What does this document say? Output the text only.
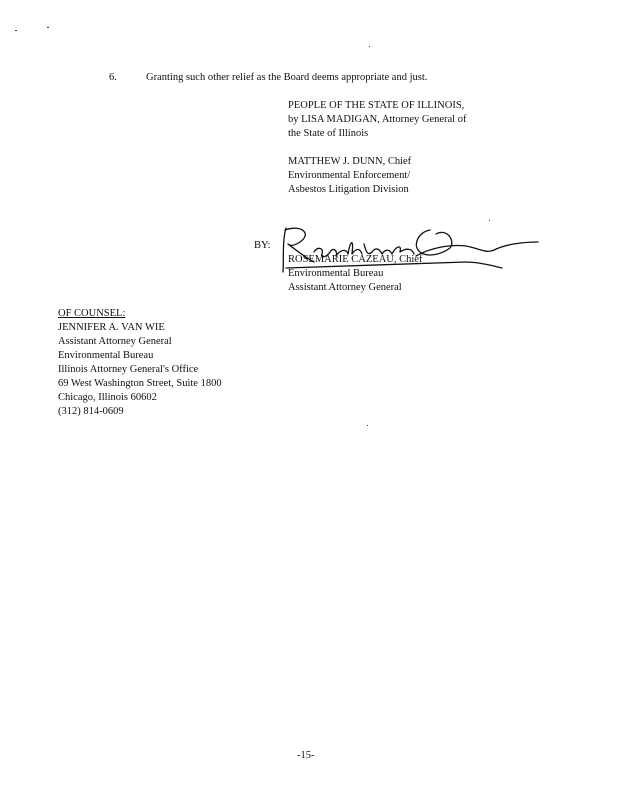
6.	Granting such other relief as the Board deems appropriate and just.
PEOPLE OF THE STATE OF ILLINOIS,
by LISA MADIGAN, Attorney General of
the State of Illinois
MATTHEW J. DUNN, Chief
Environmental Enforcement/
Asbestos Litigation Division
BY:
ROSEMARIE CAZEAU, Chief
Environmental Bureau
Assistant Attorney General
OF COUNSEL:
JENNIFER A. VAN WIE
Assistant Attorney General
Environmental Bureau
Illinois Attorney General's Office
69 West Washington Street, Suite 1800
Chicago, Illinois 60602
(312) 814-0609
-15-
